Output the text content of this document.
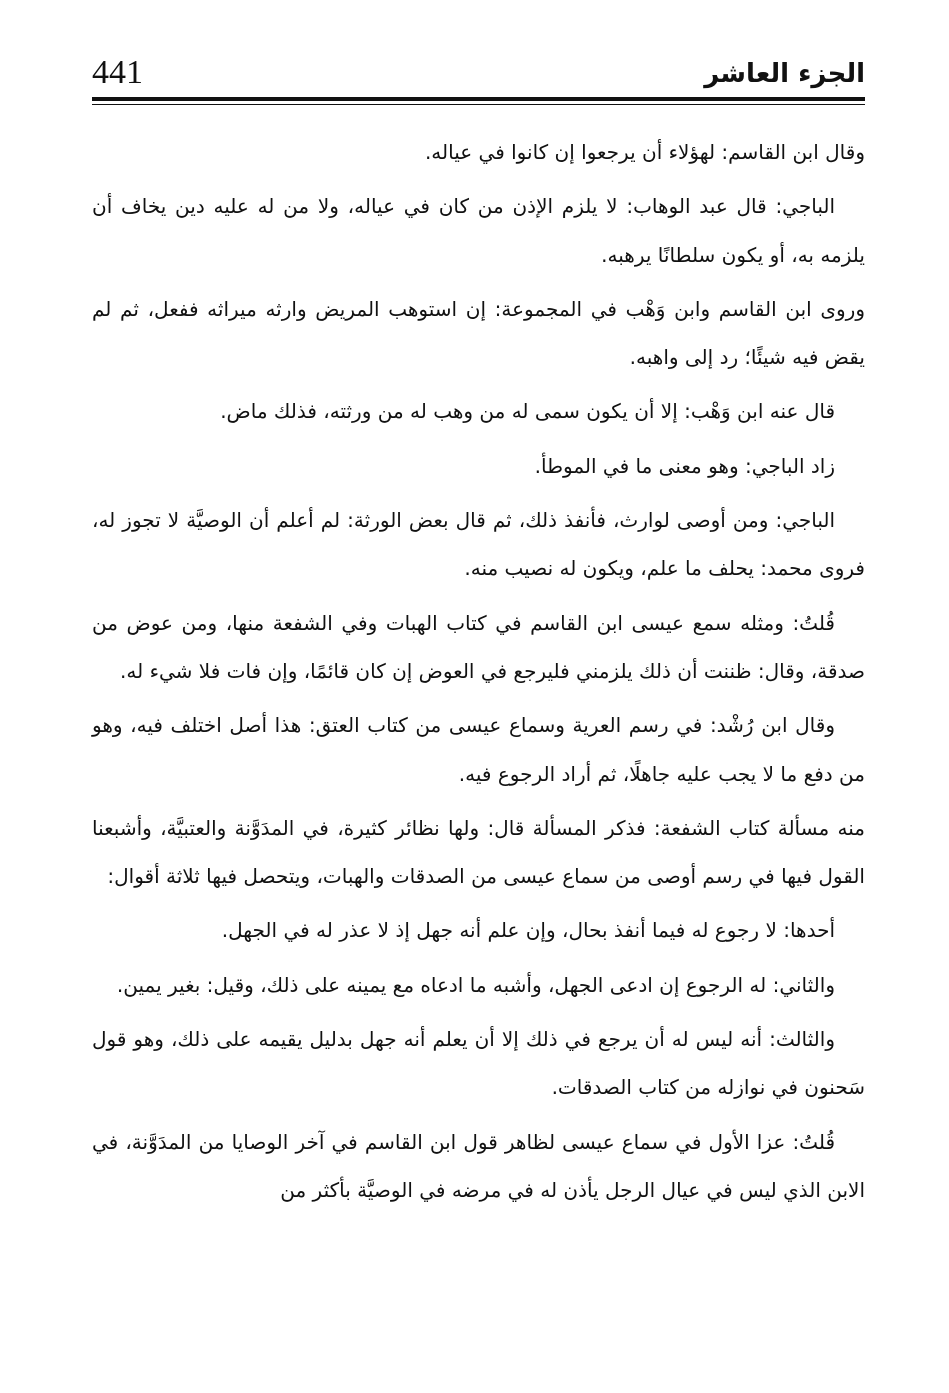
441	الجزء العاشر

وقال ابن القاسم: لهؤلاء أن يرجعوا إن كانوا في عياله.

الباجي: قال عبد الوهاب: لا يلزم الإذن من كان في عياله، ولا من له عليه دين يخاف أن يلزمه به، أو يكون سلطانًا يرهبه.

وروى ابن القاسم وابن وَهْب في المجموعة: إن استوهب المريض وارثه ميراثه ففعل، ثم لم يقض فيه شيئًا؛ رد إلى واهبه.

قال عنه ابن وَهْب: إلا أن يكون سمى له من وهب له من ورثته، فذلك ماض.

زاد الباجي: وهو معنى ما في الموطأ.

الباجي: ومن أوصى لوارث، فأنفذ ذلك، ثم قال بعض الورثة: لم أعلم أن الوصيَّة لا تجوز له، فروى محمد: يحلف ما علم، ويكون له نصيب منه.

قُلتُ: ومثله سمع عيسى ابن القاسم في كتاب الهبات وفي الشفعة منها، ومن عوض من صدقة، وقال: ظننت أن ذلك يلزمني فليرجع في العوض إن كان قائمًا، وإن فات فلا شيء له.

وقال ابن رُشْد: في رسم العرية وسماع عيسى من كتاب العتق: هذا أصل اختلف فيه، وهو من دفع ما لا يجب عليه جاهلًا، ثم أراد الرجوع فيه.

منه مسألة كتاب الشفعة: فذكر المسألة قال: ولها نظائر كثيرة، في المدَوَّنة والعتبيَّة، وأشبعنا القول فيها في رسم أوصى من سماع عيسى من الصدقات والهبات، ويتحصل فيها ثلاثة أقوال:

أحدها: لا رجوع له فيما أنفذ بحال، وإن علم أنه جهل إذ لا عذر له في الجهل.

والثاني: له الرجوع إن ادعى الجهل، وأشبه ما ادعاه مع يمينه على ذلك، وقيل: بغير يمين.

والثالث: أنه ليس له أن يرجع في ذلك إلا أن يعلم أنه جهل بدليل يقيمه على ذلك، وهو قول سَحنون في نوازله من كتاب الصدقات.

قُلتُ: عزا الأول في سماع عيسى لظاهر قول ابن القاسم في آخر الوصايا من المدَوَّنة، في الابن الذي ليس في عيال الرجل يأذن له في مرضه في الوصيَّة بأكثر من
